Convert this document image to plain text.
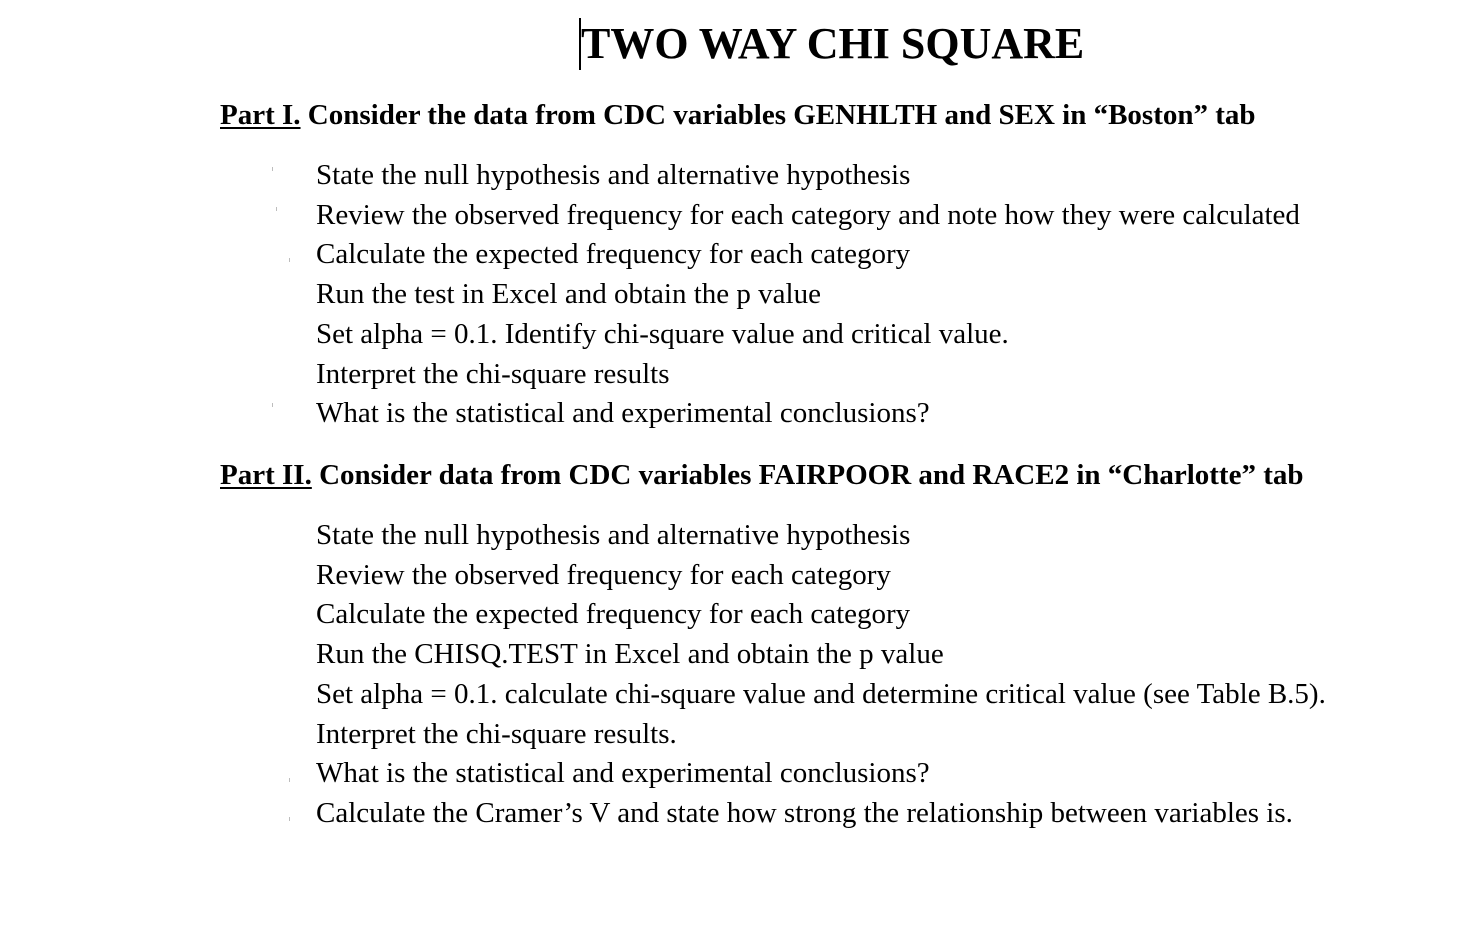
TWO WAY CHI SQUARE
Part I. Consider the data from CDC variables GENHLTH and SEX in “Boston” tab
State the null hypothesis and alternative hypothesis
Review the observed frequency for each category and note how they were calculated
Calculate the expected frequency for each category
Run the test in Excel and obtain the p value
Set alpha = 0.1. Identify chi-square value and critical value.
Interpret the chi-square results
What is the statistical and experimental conclusions?
Part II. Consider data from CDC variables FAIRPOOR and RACE2 in “Charlotte” tab
State the null hypothesis and alternative hypothesis
Review the observed frequency for each category
Calculate the expected frequency for each category
Run the CHISQ.TEST in Excel and obtain the p value
Set alpha = 0.1. calculate chi-square value and determine critical value (see Table B.5).
Interpret the chi-square results.
What is the statistical and experimental conclusions?
Calculate the Cramer’s V and state how strong the relationship between variables is.
